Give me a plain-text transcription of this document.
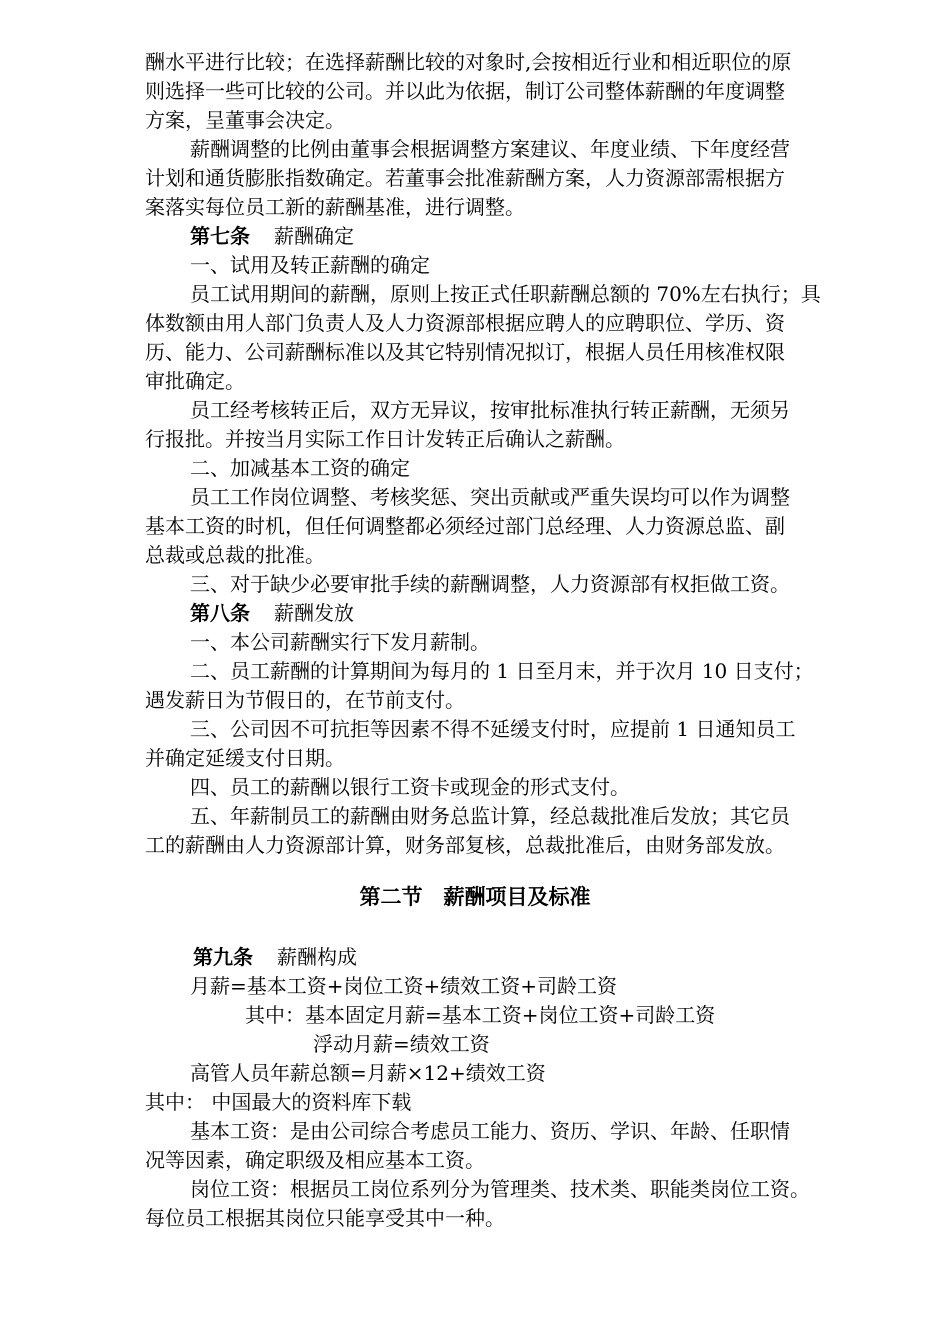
酬水平进行比较；在选择薪酬比较的对象时,会按相近行业和相近职位的原
则选择一些可比较的公司。并以此为依据，制订公司整体薪酬的年度调整
方案，呈董事会决定。
薪酬调整的比例由董事会根据调整方案建议、年度业绩、下年度经营
计划和通货膨胀指数确定。若董事会批准薪酬方案，人力资源部需根据方
案落实每位员工新的薪酬基准，进行调整。
第七条 薪酬确定
一、试用及转正薪酬的确定
员工试用期间的薪酬，原则上按正式任职薪酬总额的 70%左右执行；具
体数额由用人部门负责人及人力资源部根据应聘人的应聘职位、学历、资
历、能力、公司薪酬标准以及其它特别情况拟订，根据人员任用核准权限
审批确定。
员工经考核转正后，双方无异议，按审批标准执行转正薪酬，无须另
行报批。并按当月实际工作日计发转正后确认之薪酬。
二、加减基本工资的确定
员工工作岗位调整、考核奖惩、突出贡献或严重失误均可以作为调整
基本工资的时机，但任何调整都必须经过部门总经理、人力资源总监、副
总裁或总裁的批准。
三、对于缺少必要审批手续的薪酬调整，人力资源部有权拒做工资。
第八条 薪酬发放
一、本公司薪酬实行下发月薪制。
二、员工薪酬的计算期间为每月的 1 日至月末，并于次月 10 日支付；
遇发薪日为节假日的，在节前支付。
三、公司因不可抗拒等因素不得不延缓支付时，应提前 1 日通知员工
并确定延缓支付日期。
四、员工的薪酬以银行工资卡或现金的形式支付。
五、年薪制员工的薪酬由财务总监计算，经总裁批准后发放；其它员
工的薪酬由人力资源部计算，财务部复核，总裁批准后，由财务部发放。
第二节　薪酬项目及标准
第九条 薪酬构成
月薪=基本工资+岗位工资+绩效工资+司龄工资
其中：基本固定月薪=基本工资+岗位工资+司龄工资
浮动月薪=绩效工资
高管人员年薪总额=月薪×12+绩效工资
其中： 中国最大的资料库下载
基本工资：是由公司综合考虑员工能力、资历、学识、年龄、任职情
况等因素，确定职级及相应基本工资。
岗位工资：根据员工岗位系列分为管理类、技术类、职能类岗位工资。
每位员工根据其岗位只能享受其中一种。
